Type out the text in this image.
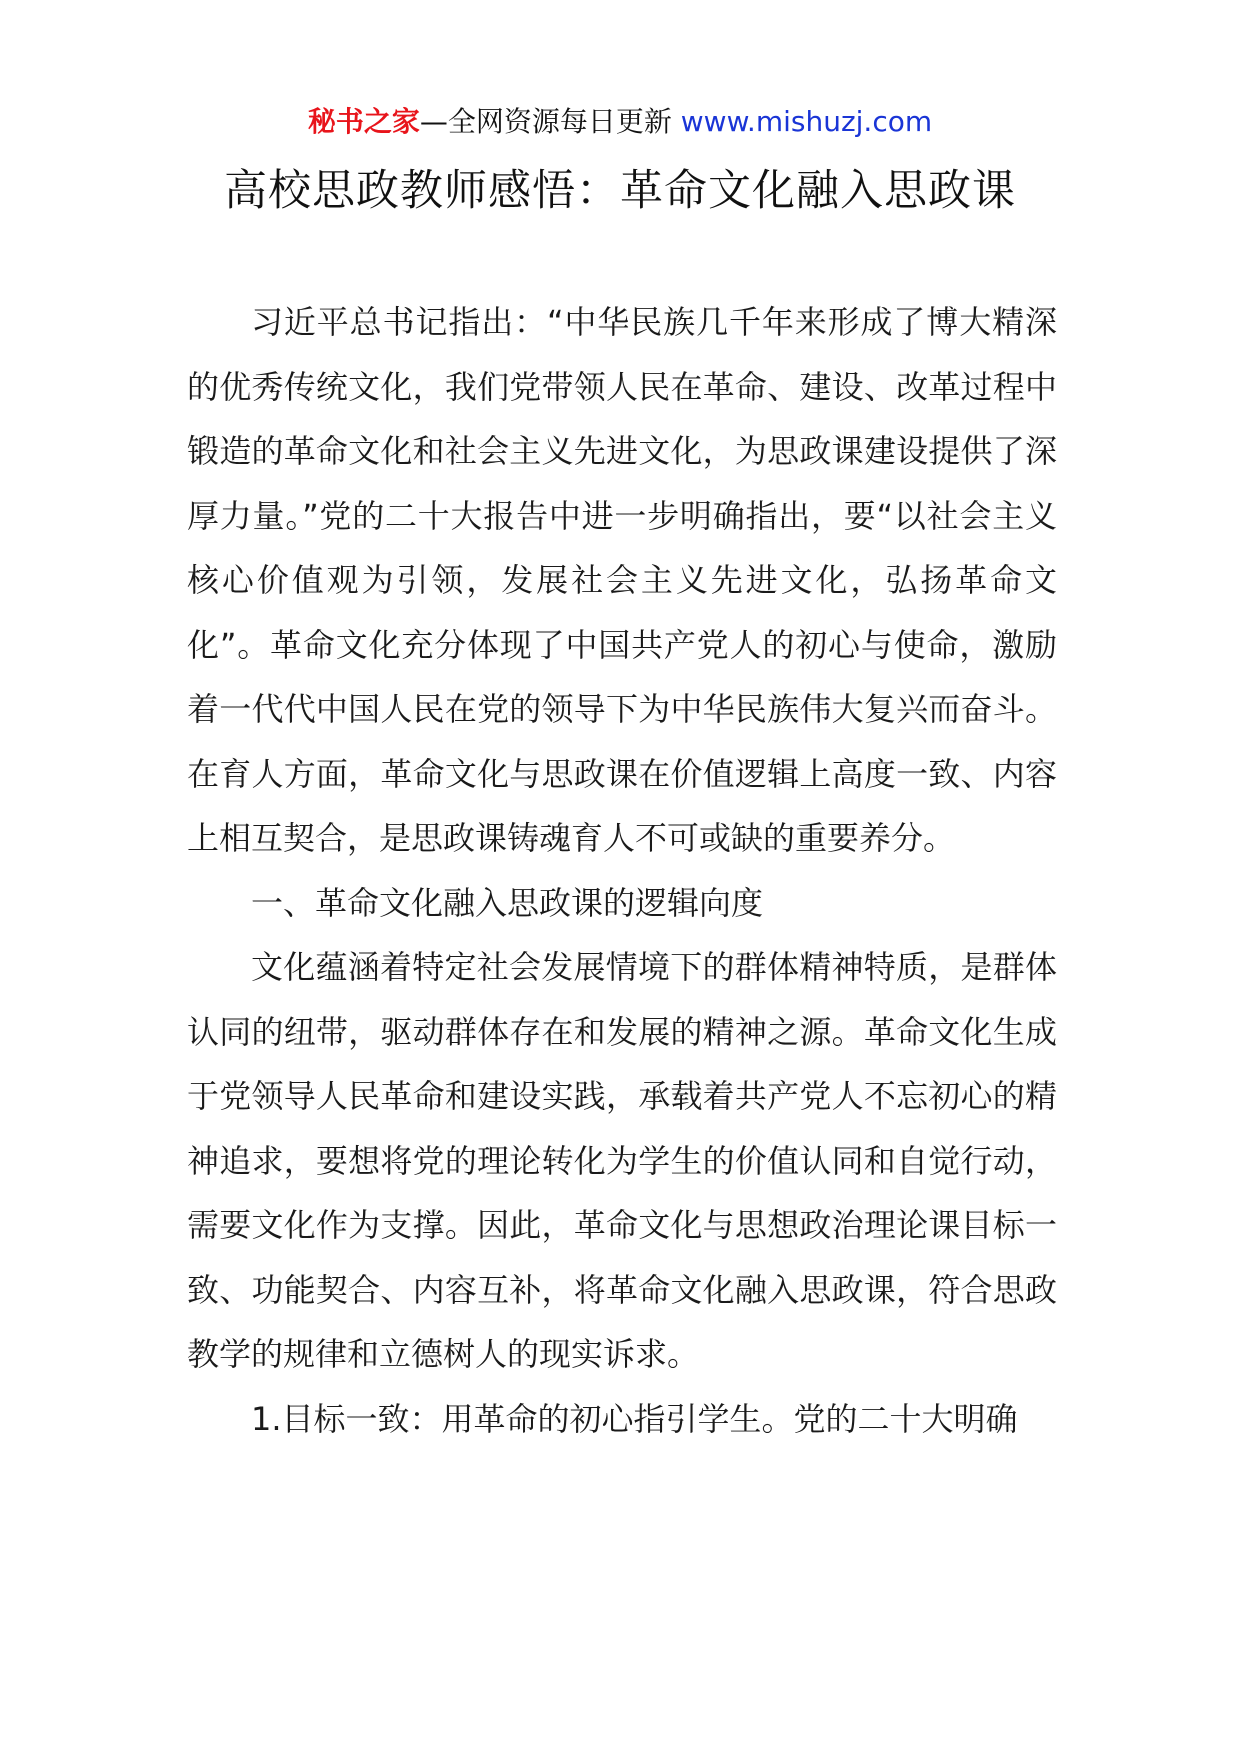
秘书之家—全网资源每日更新 www.mishuzj.com
高校思政教师感悟：革命文化融入思政课

习近平总书记指出：“中华民族几千年来形成了博大精深的优秀传统文化，我们党带领人民在革命、建设、改革过程中锻造的革命文化和社会主义先进文化，为思政课建设提供了深厚力量。”党的二十大报告中进一步明确指出，要“以社会主义核心价值观为引领，发展社会主义先进文化，弘扬革命文化”。革命文化充分体现了中国共产党人的初心与使命，激励着一代代中国人民在党的领导下为中华民族伟大复兴而奋斗。在育人方面，革命文化与思政课在价值逻辑上高度一致、内容上相互契合，是思政课铸魂育人不可或缺的重要养分。

一、革命文化融入思政课的逻辑向度

文化蕴涵着特定社会发展情境下的群体精神特质，是群体认同的纽带，驱动群体存在和发展的精神之源。革命文化生成于党领导人民革命和建设实践，承载着共产党人不忘初心的精神追求，要想将党的理论转化为学生的价值认同和自觉行动，需要文化作为支撑。因此，革命文化与思想政治理论课目标一致、功能契合、内容互补，将革命文化融入思政课，符合思政教学的规律和立德树人的现实诉求。

1.目标一致：用革命的初心指引学生。党的二十大明确
